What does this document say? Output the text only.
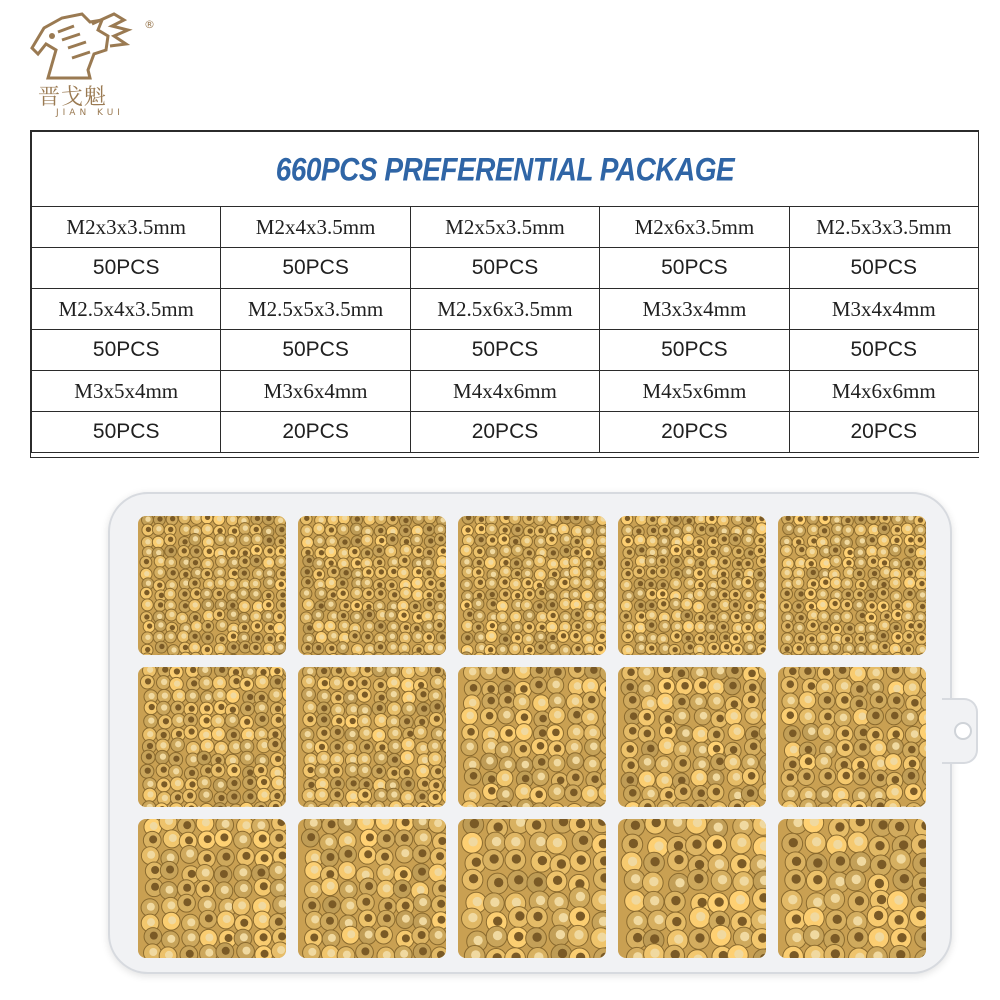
®
晋戈魁
JIAN KUI
660PCS PREFERENTIAL PACKAGE				
M2x3x3.5mm	M2x4x3.5mm	M2x5x3.5mm	M2x6x3.5mm	M2.5x3x3.5mm
50PCS	50PCS	50PCS	50PCS	50PCS
M2.5x4x3.5mm	M2.5x5x3.5mm	M2.5x6x3.5mm	M3x3x4mm	M3x4x4mm
50PCS	50PCS	50PCS	50PCS	50PCS
M3x5x4mm	M3x6x4mm	M4x4x6mm	M4x5x6mm	M4x6x6mm
50PCS	20PCS	20PCS	20PCS	20PCS
